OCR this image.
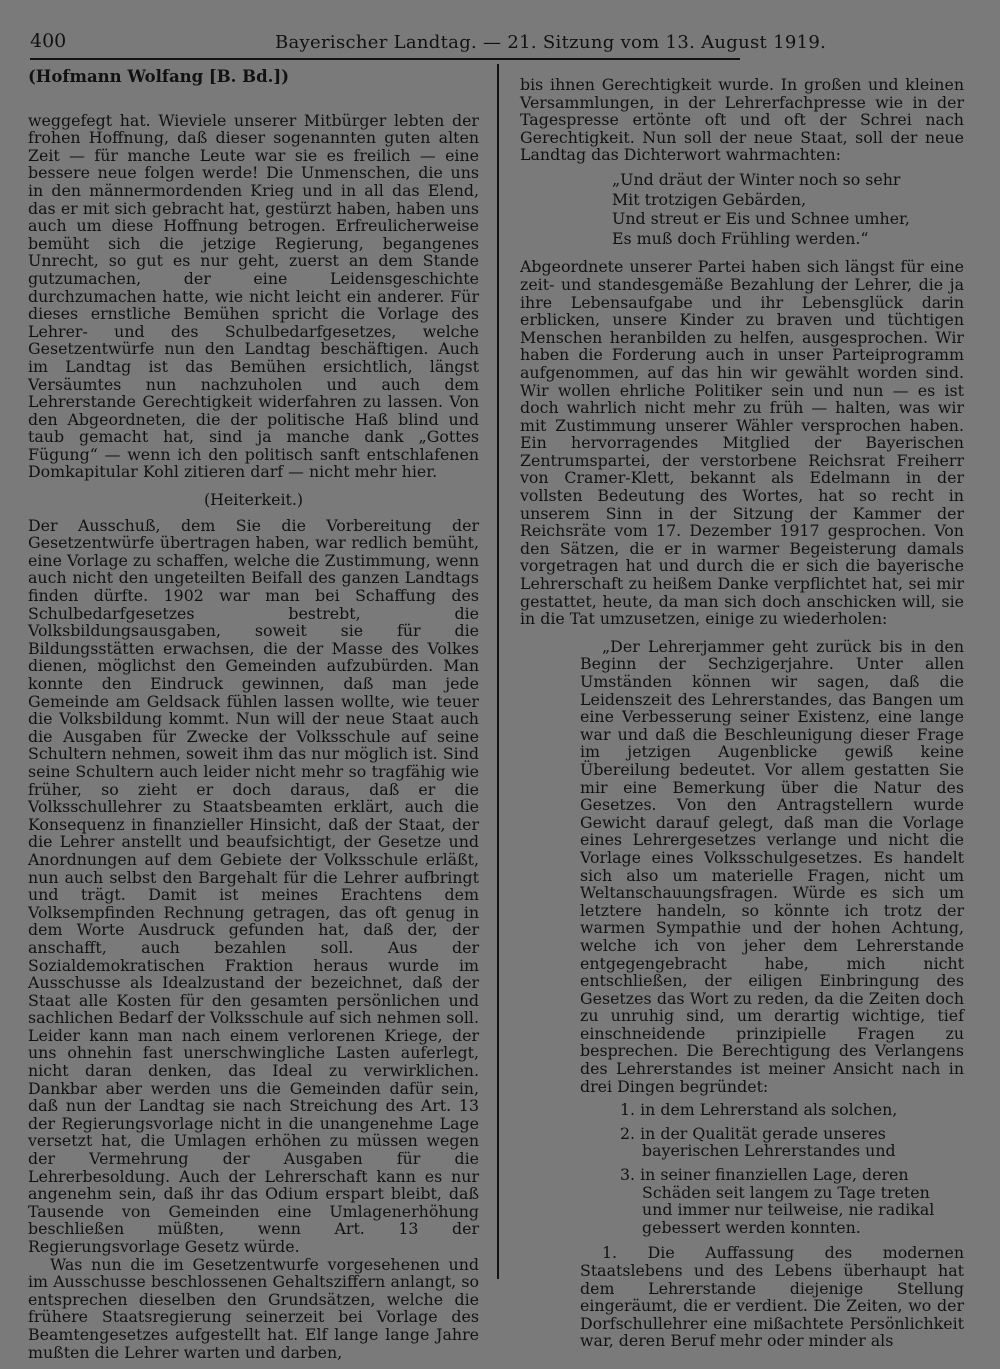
400	Bayerischer Landtag. — 21. Sitzung vom 13. August 1919.
(Hofmann Wolfang [B. Bd.])

weggefegt hat. Wieviele unserer Mitbürger lebten der frohen Hoffnung, daß dieser sogenannten guten alten Zeit — für manche Leute war sie es freilich — eine bessere neue folgen werde! Die Unmenschen, die uns in den männermordenden Krieg und in all das Elend, das er mit sich gebracht hat, gestürzt haben, haben uns auch um diese Hoffnung betrogen. Erfreulicherweise bemüht sich die jetzige Regierung, begangenes Unrecht, so gut es nur geht, zuerst an dem Stande gutzumachen, der eine Leidensgeschichte durchzumachen hatte, wie nicht leicht ein anderer. Für dieses ernstliche Bemühen spricht die Vorlage des Lehrer- und des Schulbedarfgesetzes, welche Gesetzentwürfe nun den Landtag beschäftigen. Auch im Landtag ist das Bemühen ersichtlich, längst Versäumtes nun nachzuholen und auch dem Lehrerstande Gerechtigkeit widerfahren zu lassen. Von den Abgeordneten, die der politische Haß blind und taub gemacht hat, sind ja manche dank „Gottes Fügung“ — wenn ich den politisch sanft entschlafenen Domkapitular Kohl zitieren darf — nicht mehr hier.

(Heiterkeit.)

Der Ausschuß, dem Sie die Vorbereitung der Gesetzentwürfe übertragen haben, war redlich bemüht, eine Vorlage zu schaffen, welche die Zustimmung, wenn auch nicht den ungeteilten Beifall des ganzen Landtags finden dürfte. 1902 war man bei Schaffung des Schulbedarfgesetzes bestrebt, die Volksbildungsausgaben, soweit sie für die Bildungsstätten erwachsen, die der Masse des Volkes dienen, möglichst den Gemeinden aufzubürden. Man konnte den Eindruck gewinnen, daß man jede Gemeinde am Geldsack fühlen lassen wollte, wie teuer die Volksbildung kommt. Nun will der neue Staat auch die Ausgaben für Zwecke der Volksschule auf seine Schultern nehmen, soweit ihm das nur möglich ist. Sind seine Schultern auch leider nicht mehr so tragfähig wie früher, so zieht er doch daraus, daß er die Volksschullehrer zu Staatsbeamten erklärt, auch die Konsequenz in finanzieller Hinsicht, daß der Staat, der die Lehrer anstellt und beaufsichtigt, der Gesetze und Anordnungen auf dem Gebiete der Volksschule erläßt, nun auch selbst den Bargehalt für die Lehrer aufbringt und trägt. Damit ist meines Erachtens dem Volksempfinden Rechnung getragen, das oft genug in dem Worte Ausdruck gefunden hat, daß der, der anschafft, auch bezahlen soll. Aus der Sozialdemokratischen Fraktion heraus wurde im Ausschusse als Idealzustand der bezeichnet, daß der Staat alle Kosten für den gesamten persönlichen und sachlichen Bedarf der Volksschule auf sich nehmen soll. Leider kann man nach einem verlorenen Kriege, der uns ohnehin fast unerschwingliche Lasten auferlegt, nicht daran denken, das Ideal zu verwirklichen. Dankbar aber werden uns die Gemeinden dafür sein, daß nun der Landtag sie nach Streichung des Art. 13 der Regierungsvorlage nicht in die unangenehme Lage versetzt hat, die Umlagen erhöhen zu müssen wegen der Vermehrung der Ausgaben für die Lehrerbesoldung. Auch der Lehrerschaft kann es nur angenehm sein, daß ihr das Odium erspart bleibt, daß Tausende von Gemeinden eine Umlagenerhöhung beschließen müßten, wenn Art. 13 der Regierungsvorlage Gesetz würde.

Was nun die im Gesetzentwurfe vorgesehenen und im Ausschusse beschlossenen Gehaltsziffern anlangt, so entsprechen dieselben den Grundsätzen, welche die frühere Staatsregierung seinerzeit bei Vorlage des Beamtengesetzes aufgestellt hat. Elf lange lange Jahre mußten die Lehrer warten und darben,

bis ihnen Gerechtigkeit wurde. In großen und kleinen Versammlungen, in der Lehrerfachpresse wie in der Tagespresse ertönte oft und oft der Schrei nach Gerechtigkeit. Nun soll der neue Staat, soll der neue Landtag das Dichterwort wahrmachten:

„Und dräut der Winter noch so sehr
Mit trotzigen Gebärden,
Und streut er Eis und Schnee umher,
Es muß doch Frühling werden.“

Abgeordnete unserer Partei haben sich längst für eine zeit- und standesgemäße Bezahlung der Lehrer, die ja ihre Lebensaufgabe und ihr Lebensglück darin erblicken, unsere Kinder zu braven und tüchtigen Menschen heranbilden zu helfen, ausgesprochen. Wir haben die Forderung auch in unser Parteiprogramm aufgenommen, auf das hin wir gewählt worden sind. Wir wollen ehrliche Politiker sein und nun — es ist doch wahrlich nicht mehr zu früh — halten, was wir mit Zustimmung unserer Wähler versprochen haben. Ein hervorragendes Mitglied der Bayerischen Zentrumspartei, der verstorbene Reichsrat Freiherr von Cramer-Klett, bekannt als Edelmann in der vollsten Bedeutung des Wortes, hat so recht in unserem Sinn in der Sitzung der Kammer der Reichsräte vom 17. Dezember 1917 gesprochen. Von den Sätzen, die er in warmer Begeisterung damals vorgetragen hat und durch die er sich die bayerische Lehrerschaft zu heißem Danke verpflichtet hat, sei mir gestattet, heute, da man sich doch anschicken will, sie in die Tat umzusetzen, einige zu wiederholen:

„Der Lehrerjammer geht zurück bis in den Beginn der Sechzigerjahre. Unter allen Umständen können wir sagen, daß die Leidenszeit des Lehrerstandes, das Bangen um eine Verbesserung seiner Existenz, eine lange war und daß die Beschleunigung dieser Frage im jetzigen Augenblicke gewiß keine Übereilung bedeutet. Vor allem gestatten Sie mir eine Bemerkung über die Natur des Gesetzes. Von den Antragstellern wurde Gewicht darauf gelegt, daß man die Vorlage eines Lehrergesetzes verlange und nicht die Vorlage eines Volksschulgesetzes. Es handelt sich also um materielle Fragen, nicht um Weltanschauungsfragen. Würde es sich um letztere handeln, so könnte ich trotz der warmen Sympathie und der hohen Achtung, welche ich von jeher dem Lehrerstande entgegengebracht habe, mich nicht entschließen, der eiligen Einbringung des Gesetzes das Wort zu reden, da die Zeiten doch zu unruhig sind, um derartig wichtige, tief einschneidende prinzipielle Fragen zu besprechen. Die Berechtigung des Verlangens des Lehrerstandes ist meiner Ansicht nach in drei Dingen begründet:

1. in dem Lehrerstand als solchen,
2. in der Qualität gerade unseres bayerischen Lehrerstandes und
3. in seiner finanziellen Lage, deren Schäden seit langem zu Tage treten und immer nur teilweise, nie radikal gebessert werden konnten.

1. Die Auffassung des modernen Staatslebens und des Lebens überhaupt hat dem Lehrerstande diejenige Stellung eingeräumt, die er verdient. Die Zeiten, wo der Dorfschullehrer eine mißachtete Persönlichkeit war, deren Beruf mehr oder minder als
